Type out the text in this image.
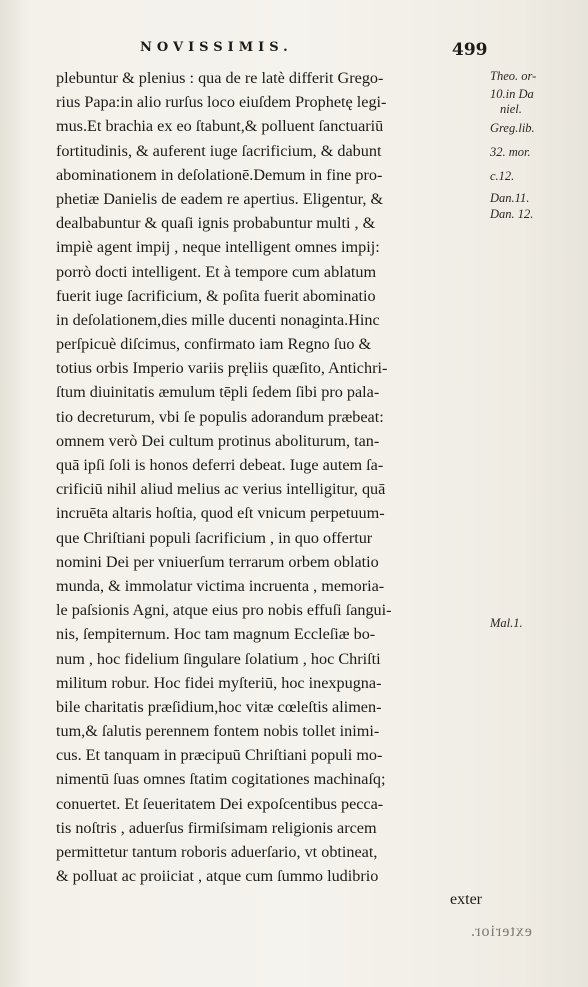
NOVISSIMIS.	499
plebuntur & plenius : qua de re latè differit Grego-
rius Papa:in alio rurſus loco eiuſdem Prophetę legi-
mus.Et brachia ex eo ſtabunt,& polluent ſanctuariū
fortitudinis, & auferent iuge ſacrificium, & dabunt
abominationem in deſolationē.Demum in fine pro-
phetiæ Danielis de eadem re apertius. Eligentur, &
dealbabuntur & quaſi ignis probabuntur multi , &
impiè agent impij , neque intelligent omnes impij:
porrò docti intelligent. Et à tempore cum ablatum
fuerit iuge ſacrificium, & poſita fuerit abominatio
in deſolationem,dies mille ducenti nonaginta.Hinc
perſpicuè diſcimus, confirmato iam Regno ſuo &
totius orbis Imperio variis pręliis quæſito, Antichri-
ſtum diuinitatis æmulum tēpli ſedem ſibi pro pala-
tio decreturum, vbi ſe populis adorandum præbeat:
omnem verò Dei cultum protinus aboliturum, tan-
quā ipſi ſoli is honos deferri debeat. Iuge autem ſa-
crificiū nihil aliud melius ac verius intelligitur, quā
incruēta altaris hoſtia, quod eſt vnicum perpetuum-
que Chriſtiani populi ſacrificium , in quo offertur
nomini Dei per vniuerſum terrarum orbem oblatio
munda, & immolatur victima incruenta , memoria-
le paſsionis Agni, atque eius pro nobis effuſi ſangui-
nis, ſempiternum. Hoc tam magnum Eccleſiæ bo-
num , hoc fidelium ſingulare ſolatium , hoc Chriſti
militum robur. Hoc fidei myſteriū, hoc inexpugna-
bile charitatis præſidium,hoc vitæ cœleſtis alimen-
tum,& ſalutis perennem fontem nobis tollet inimi-
cus. Et tanquam in præcipuū Chriſtiani populi mo-
nimentū ſuas omnes ſtatim cogitationes machinaſq;
conuertet. Et ſeueritatem Dei expoſcentibus pecca-
tis noſtris , aduerſus firmiſsimam religionis arcem
permittetur tantum roboris aduerſario, vt obtineat,
& polluat ac proiiciat , atque cum ſummo ludibrio
exter
Theo. or-
10.in Da
niel.
Greg.lib.
32. mor.
c.12.
Dan.11.
Dan. 12.
Mal.1.
exterior.
